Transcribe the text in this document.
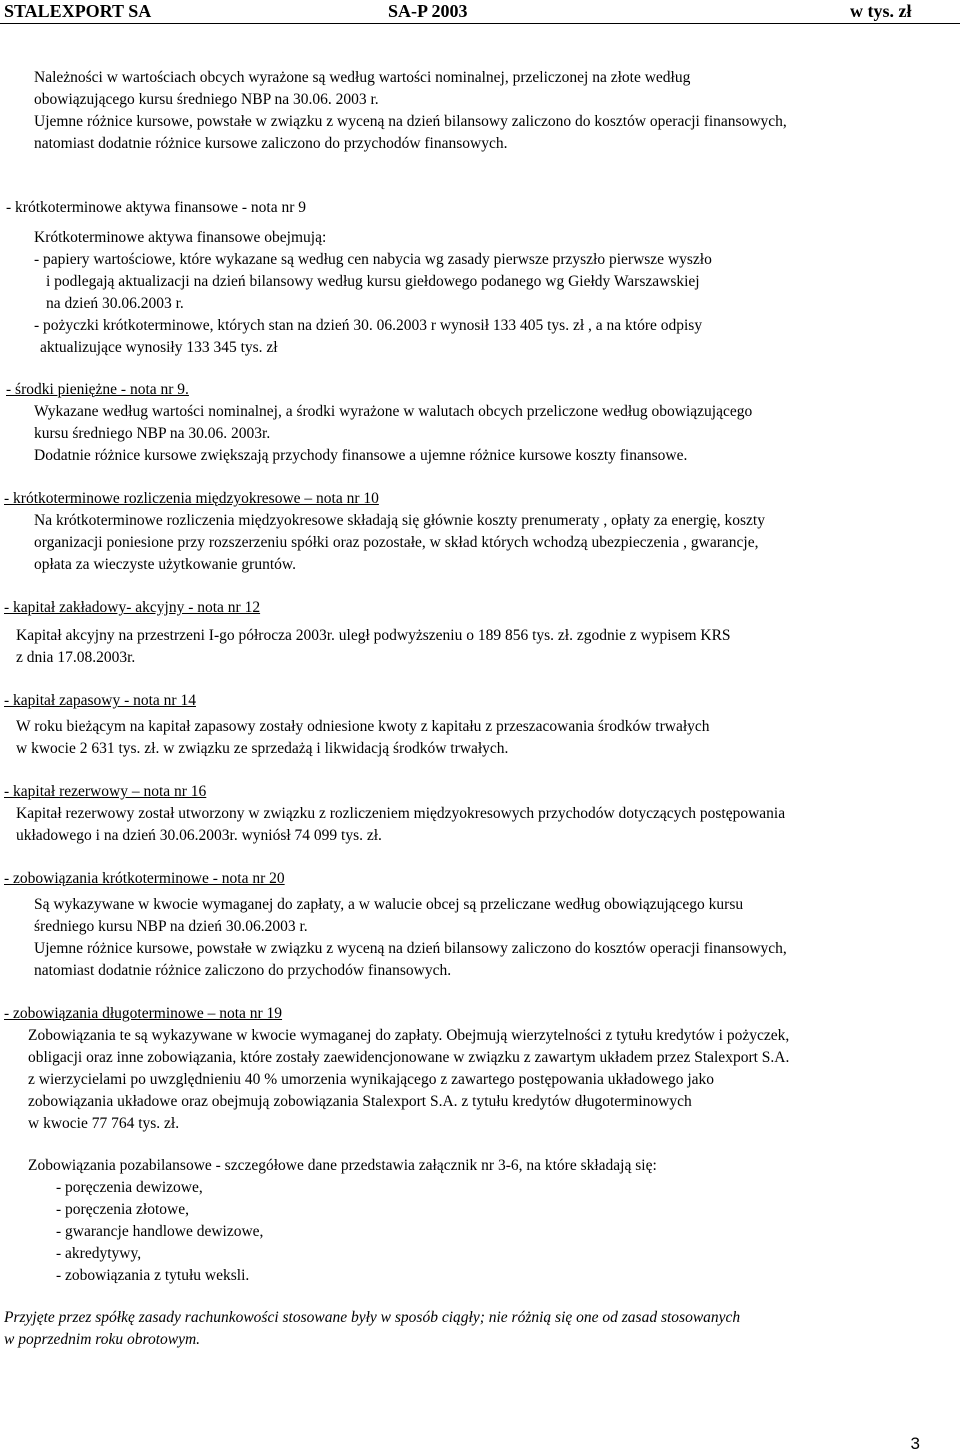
STALEXPORT SA	SA-P 2003	w tys. zł
Należności w wartościach obcych wyrażone są według wartości nominalnej, przeliczonej na złote według
obowiązującego kursu średniego NBP na 30.06. 2003 r.
Ujemne różnice kursowe, powstałe w związku z wyceną na dzień bilansowy zaliczono do kosztów operacji finansowych,
natomiast dodatnie różnice kursowe zaliczono do przychodów finansowych.
- krótkoterminowe aktywa finansowe - nota nr 9
Krótkoterminowe aktywa finansowe obejmują:
- papiery wartościowe, które wykazane są według cen nabycia wg zasady pierwsze przyszło pierwsze wyszło
i podlegają aktualizacji na dzień bilansowy według kursu giełdowego podanego wg Giełdy Warszawskiej
na dzień 30.06.2003 r.
- pożyczki krótkoterminowe, których stan na dzień 30. 06.2003 r wynosił 133 405 tys. zł , a na które odpisy
aktualizujące wynosiły 133 345 tys. zł
- środki pieniężne - nota nr 9.
Wykazane według wartości nominalnej, a środki wyrażone w walutach obcych przeliczone według obowiązującego
kursu średniego NBP na 30.06. 2003r.
Dodatnie różnice kursowe zwiększają przychody finansowe a ujemne różnice kursowe koszty finansowe.
- krótkoterminowe rozliczenia międzyokresowe – nota nr 10
Na krótkoterminowe rozliczenia międzyokresowe składają się głównie koszty prenumeraty , opłaty za energię, koszty
organizacji poniesione przy rozszerzeniu spółki oraz pozostałe, w skład których wchodzą ubezpieczenia , gwarancje,
opłata za wieczyste użytkowanie gruntów.
- kapitał zakładowy- akcyjny - nota nr 12
Kapitał akcyjny na przestrzeni I-go półrocza 2003r. uległ podwyższeniu o 189 856 tys. zł. zgodnie z wypisem KRS
z dnia 17.08.2003r.
- kapitał zapasowy - nota nr 14
W roku bieżącym na kapitał zapasowy zostały odniesione kwoty z kapitału z przeszacowania środków trwałych
w kwocie 2 631 tys. zł. w związku ze sprzedażą i likwidacją środków trwałych.
- kapitał rezerwowy – nota nr 16
Kapitał rezerwowy został utworzony w związku z rozliczeniem międzyokresowych przychodów dotyczących postępowania
układowego i na dzień 30.06.2003r. wyniósł 74 099 tys. zł.
- zobowiązania krótkoterminowe - nota nr 20
Są wykazywane w kwocie wymaganej do zapłaty, a w walucie obcej są przeliczane według obowiązującego kursu
średniego kursu NBP na dzień 30.06.2003 r.
Ujemne różnice kursowe, powstałe w związku z wyceną na dzień bilansowy zaliczono do kosztów operacji finansowych,
natomiast dodatnie różnice zaliczono do przychodów finansowych.
- zobowiązania długoterminowe – nota nr 19
Zobowiązania te są wykazywane w kwocie wymaganej do zapłaty. Obejmują wierzytelności z tytułu kredytów i pożyczek,
obligacji oraz inne zobowiązania, które zostały zaewidencjonowane w związku z zawartym układem przez Stalexport S.A.
z wierzycielami po uwzględnieniu 40 % umorzenia wynikającego z zawartego postępowania układowego jako
zobowiązania układowe oraz obejmują zobowiązania Stalexport S.A. z tytułu kredytów długoterminowych
w kwocie 77 764 tys. zł.
Zobowiązania pozabilansowe - szczegółowe dane przedstawia załącznik nr 3-6, na które składają się:
- poręczenia dewizowe,
- poręczenia złotowe,
- gwarancje handlowe dewizowe,
- akredytywy,
- zobowiązania z tytułu weksli.
Przyjęte przez spółkę zasady rachunkowości stosowane były w sposób ciągły; nie różnią się one od zasad stosowanych
w poprzednim roku obrotowym.
3
